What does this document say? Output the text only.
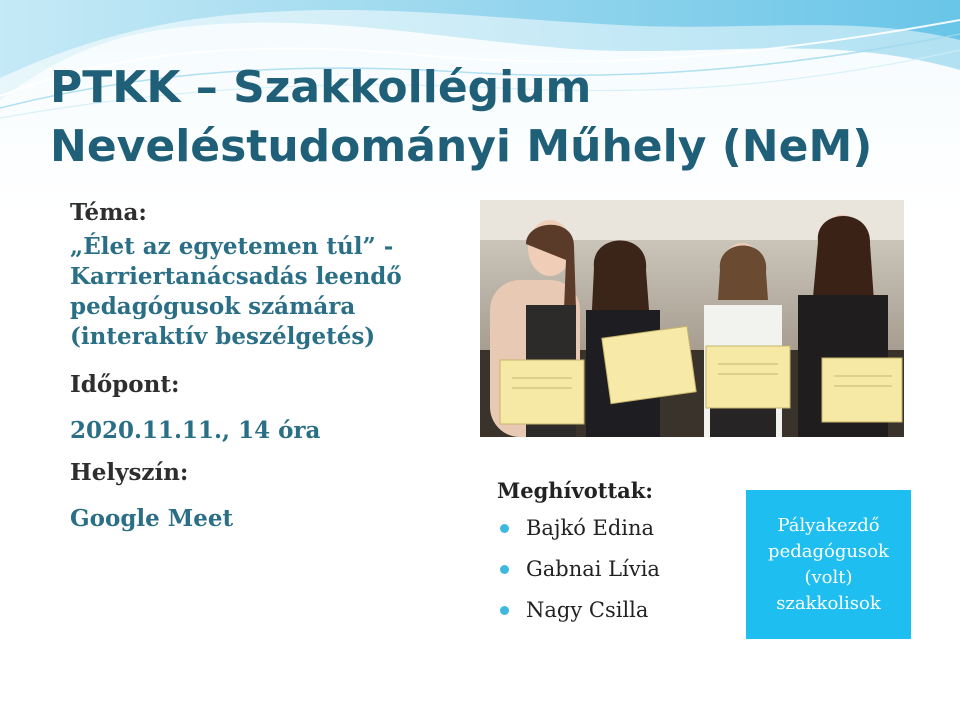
PTKK – Szakkollégium
Neveléstudományi Műhely (NeM)
Téma:
„Élet az egyetemen túl” - Karriertanácsadás leendő pedagógusok számára (interaktív beszélgetés)
Időpont:
2020.11.11., 14 óra
Helyszín:
Google Meet
Meghívottak:
Bajkó Edina
Gabnai Lívia
Nagy Csilla
Pályakezdő pedagógusok (volt) szakkolisok
